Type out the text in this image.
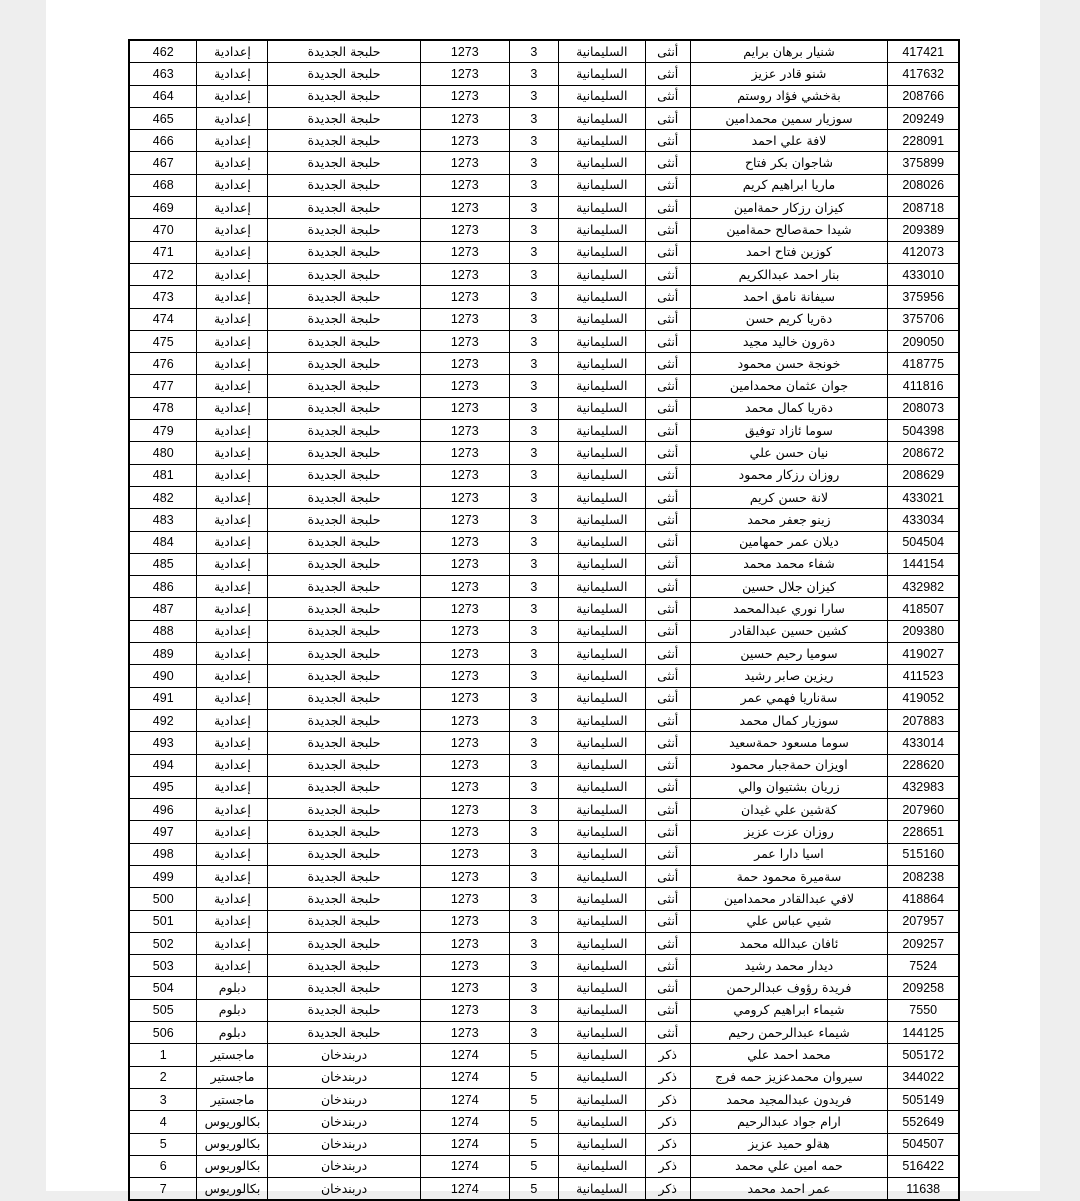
462	إعدادية	حلبجة الجديدة	1273	3	السليمانية	أنثى	شنيار برهان برايم	417421
463	إعدادية	حلبجة الجديدة	1273	3	السليمانية	أنثى	شنو قادر عزيز	417632
464	إعدادية	حلبجة الجديدة	1273	3	السليمانية	أنثى	بةخشي فؤاد روستم	208766
465	إعدادية	حلبجة الجديدة	1273	3	السليمانية	أنثى	سوزيار سمين محمدامين	209249
466	إعدادية	حلبجة الجديدة	1273	3	السليمانية	أنثى	لافة علي احمد	228091
467	إعدادية	حلبجة الجديدة	1273	3	السليمانية	أنثى	شاجوان بكر فتاح	375899
468	إعدادية	حلبجة الجديدة	1273	3	السليمانية	أنثى	ماريا ابراهيم كريم	208026
469	إعدادية	حلبجة الجديدة	1273	3	السليمانية	أنثى	كيزان رزكار حمةامين	208718
470	إعدادية	حلبجة الجديدة	1273	3	السليمانية	أنثى	شيدا حمةصالح حمةامين	209389
471	إعدادية	حلبجة الجديدة	1273	3	السليمانية	أنثى	كوزين فتاح احمد	412073
472	إعدادية	حلبجة الجديدة	1273	3	السليمانية	أنثى	بنار احمد عبدالكريم	433010
473	إعدادية	حلبجة الجديدة	1273	3	السليمانية	أنثى	سيفانة نامق احمد	375956
474	إعدادية	حلبجة الجديدة	1273	3	السليمانية	أنثى	دةريا كريم حسن	375706
475	إعدادية	حلبجة الجديدة	1273	3	السليمانية	أنثى	دةرون خاليد مجيد	209050
476	إعدادية	حلبجة الجديدة	1273	3	السليمانية	أنثى	خونجة حسن محمود	418775
477	إعدادية	حلبجة الجديدة	1273	3	السليمانية	أنثى	جوان عثمان محمدامين	411816
478	إعدادية	حلبجة الجديدة	1273	3	السليمانية	أنثى	دةريا كمال محمد	208073
479	إعدادية	حلبجة الجديدة	1273	3	السليمانية	أنثى	سوما ئازاد توفيق	504398
480	إعدادية	حلبجة الجديدة	1273	3	السليمانية	أنثى	نيان حسن علي	208672
481	إعدادية	حلبجة الجديدة	1273	3	السليمانية	أنثى	روزان رزكار محمود	208629
482	إعدادية	حلبجة الجديدة	1273	3	السليمانية	أنثى	لانة حسن كريم	433021
483	إعدادية	حلبجة الجديدة	1273	3	السليمانية	أنثى	زينو جعفر محمد	433034
484	إعدادية	حلبجة الجديدة	1273	3	السليمانية	أنثى	ديلان عمر حمهامين	504504
485	إعدادية	حلبجة الجديدة	1273	3	السليمانية	أنثى	شفاء محمد محمد	144154
486	إعدادية	حلبجة الجديدة	1273	3	السليمانية	أنثى	كيزان جلال حسين	432982
487	إعدادية	حلبجة الجديدة	1273	3	السليمانية	أنثى	سارا نوري عبدالمحمد	418507
488	إعدادية	حلبجة الجديدة	1273	3	السليمانية	أنثى	كشين حسين عبدالقادر	209380
489	إعدادية	حلبجة الجديدة	1273	3	السليمانية	أنثى	سوميا رحيم حسين	419027
490	إعدادية	حلبجة الجديدة	1273	3	السليمانية	أنثى	ريزين صابر رشيد	411523
491	إعدادية	حلبجة الجديدة	1273	3	السليمانية	أنثى	سةناريا فهمي عمر	419052
492	إعدادية	حلبجة الجديدة	1273	3	السليمانية	أنثى	سوزيار كمال محمد	207883
493	إعدادية	حلبجة الجديدة	1273	3	السليمانية	أنثى	سوما مسعود حمةسعيد	433014
494	إعدادية	حلبجة الجديدة	1273	3	السليمانية	أنثى	اويزان حمةجبار محمود	228620
495	إعدادية	حلبجة الجديدة	1273	3	السليمانية	أنثى	زريان بشتيوان والي	432983
496	إعدادية	حلبجة الجديدة	1273	3	السليمانية	أنثى	كةشين علي غيدان	207960
497	إعدادية	حلبجة الجديدة	1273	3	السليمانية	أنثى	روزان عزت عزيز	228651
498	إعدادية	حلبجة الجديدة	1273	3	السليمانية	أنثى	اسيا دارا عمر	515160
499	إعدادية	حلبجة الجديدة	1273	3	السليمانية	أنثى	سةميرة محمود حمة	208238
500	إعدادية	حلبجة الجديدة	1273	3	السليمانية	أنثى	لافي عبدالقادر محمدامين	418864
501	إعدادية	حلبجة الجديدة	1273	3	السليمانية	أنثى	شيي عباس علي	207957
502	إعدادية	حلبجة الجديدة	1273	3	السليمانية	أنثى	ئافان عبدالله محمد	209257
503	إعدادية	حلبجة الجديدة	1273	3	السليمانية	أنثى	ديدار محمد رشيد	7524
504	دبلوم	حلبجة الجديدة	1273	3	السليمانية	أنثى	فريدة رؤوف عبدالرحمن	209258
505	دبلوم	حلبجة الجديدة	1273	3	السليمانية	أنثى	شيماء ابراهيم كرومي	7550
506	دبلوم	حلبجة الجديدة	1273	3	السليمانية	أنثى	شيماء عبدالرحمن رحيم	144125
1	ماجستير	دربندخان	1274	5	السليمانية	ذكر	محمد احمد علي	505172
2	ماجستير	دربندخان	1274	5	السليمانية	ذكر	سيروان محمدعزيز حمه فرج	344022
3	ماجستير	دربندخان	1274	5	السليمانية	ذكر	فريدون عبدالمجيد محمد	505149
4	بكالوريوس	دربندخان	1274	5	السليمانية	ذكر	ارام جواد عبدالرحيم	552649
5	بكالوريوس	دربندخان	1274	5	السليمانية	ذكر	هةلو حميد عزيز	504507
6	بكالوريوس	دربندخان	1274	5	السليمانية	ذكر	حمه امين علي محمد	516422
7	بكالوريوس	دربندخان	1274	5	السليمانية	ذكر	عمر احمد محمد	11638
